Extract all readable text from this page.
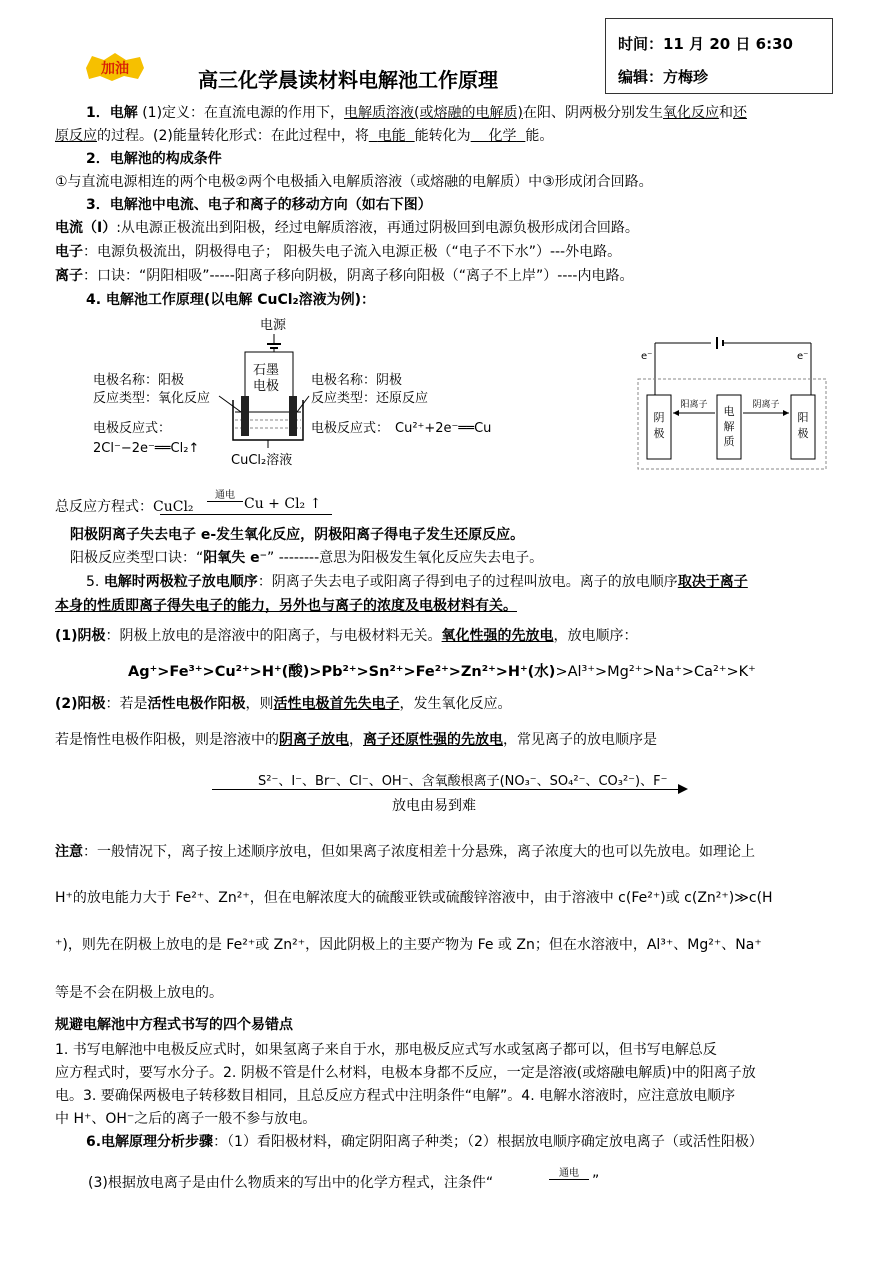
加油	高三化学晨读材料电解池工作原理
时间：11 月 20 日 6:30
编辑：方梅珍
1．电解 (1)定义：在直流电源的作用下，电解质溶液(或熔融的电解质)在阳、阴两极分别发生氧化反应和还
原反应的过程。(2)能量转化形式：在此过程中，将 电能 能转化为 化学 能。
2．电解池的构成条件
①与直流电源相连的两个电极②两个电极插入电解质溶液（或熔融的电解质）中③形成闭合回路。
3．电解池中电流、电子和离子的移动方向（如右下图）
电流（I）:从电源正极流出到阳极，经过电解质溶液，再通过阴极回到电源负极形成闭合回路。
电子：电源负极流出，阴极得电子； 阳极失电子流入电源正极（“电子不下水”）---外电路。
离子：口诀：“阴阳相吸”-----阳离子移向阴极，阴离子移向阳极（“离子不上岸”）----内电路。
4. 电解池工作原理(以电解 CuCl₂溶液为例)：
电源
石墨
电极
CuCl₂溶液
电极名称：阳极
反应类型：氧化反应
电极反应式：
2Cl⁻−2e⁻══Cl₂↑
电极名称：阴极
反应类型：还原反应
电极反应式： Cu²⁺+2e⁻══Cu
e⁻	e⁻
阴
极
电
解
质
阳
极
阳离子	阴离子
总反应方程式：CuCl₂
通电
Cu + Cl₂ ↑
阳极阴离子失去电子 e-发生氧化反应，阴极阳离子得电子发生还原反应。
阳极反应类型口诀：“阳氧失 e⁻” --------意思为阳极发生氧化反应失去电子。
5. 电解时两极粒子放电顺序：阴离子失去电子或阳离子得到电子的过程叫放电。离子的放电顺序取决于离子
本身的性质即离子得失电子的能力，另外也与离子的浓度及电极材料有关。
(1)阴极：阴极上放电的是溶液中的阳离子，与电极材料无关。氧化性强的先放电，放电顺序：
Ag⁺>Fe³⁺>Cu²⁺>H⁺(酸)>Pb²⁺>Sn²⁺>Fe²⁺>Zn²⁺>H⁺(水)>Al³⁺>Mg²⁺>Na⁺>Ca²⁺>K⁺
(2)阳极：若是活性电极作阳极，则活性电极首先失电子，发生氧化反应。
若是惰性电极作阳极，则是溶液中的阴离子放电，离子还原性强的先放电，常见离子的放电顺序是
S²⁻、I⁻、Br⁻、Cl⁻、OH⁻、含氧酸根离子(NO₃⁻、SO₄²⁻、CO₃²⁻)、F⁻
放电由易到难
注意：一般情况下，离子按上述顺序放电，但如果离子浓度相差十分悬殊，离子浓度大的也可以先放电。如理论上
H⁺的放电能力大于 Fe²⁺、Zn²⁺，但在电解浓度大的硫酸亚铁或硫酸锌溶液中，由于溶液中 c(Fe²⁺)或 c(Zn²⁺)≫c(H
⁺)，则先在阴极上放电的是 Fe²⁺或 Zn²⁺，因此阴极上的主要产物为 Fe 或 Zn；但在水溶液中，Al³⁺、Mg²⁺、Na⁺
等是不会在阴极上放电的。
规避电解池中方程式书写的四个易错点
1. 书写电解池中电极反应式时，如果氢离子来自于水，那电极反应式写水或氢离子都可以，但书写电解总反
应方程式时，要写水分子。2. 阴极不管是什么材料，电极本身都不反应，一定是溶液(或熔融电解质)中的阳离子放
电。3. 要确保两极电子转移数目相同，且总反应方程式中注明条件“电解”。4. 电解水溶液时，应注意放电顺序
中 H⁺、OH⁻之后的离子一般不参与放电。
6.电解原理分析步骤：（1）看阳极材料，确定阴阳离子种类；（2）根据放电顺序确定放电离子（或活性阳极）
(3)根据放电离子是由什么物质来的写出中的化学方程式，注条件“
通电 ”
